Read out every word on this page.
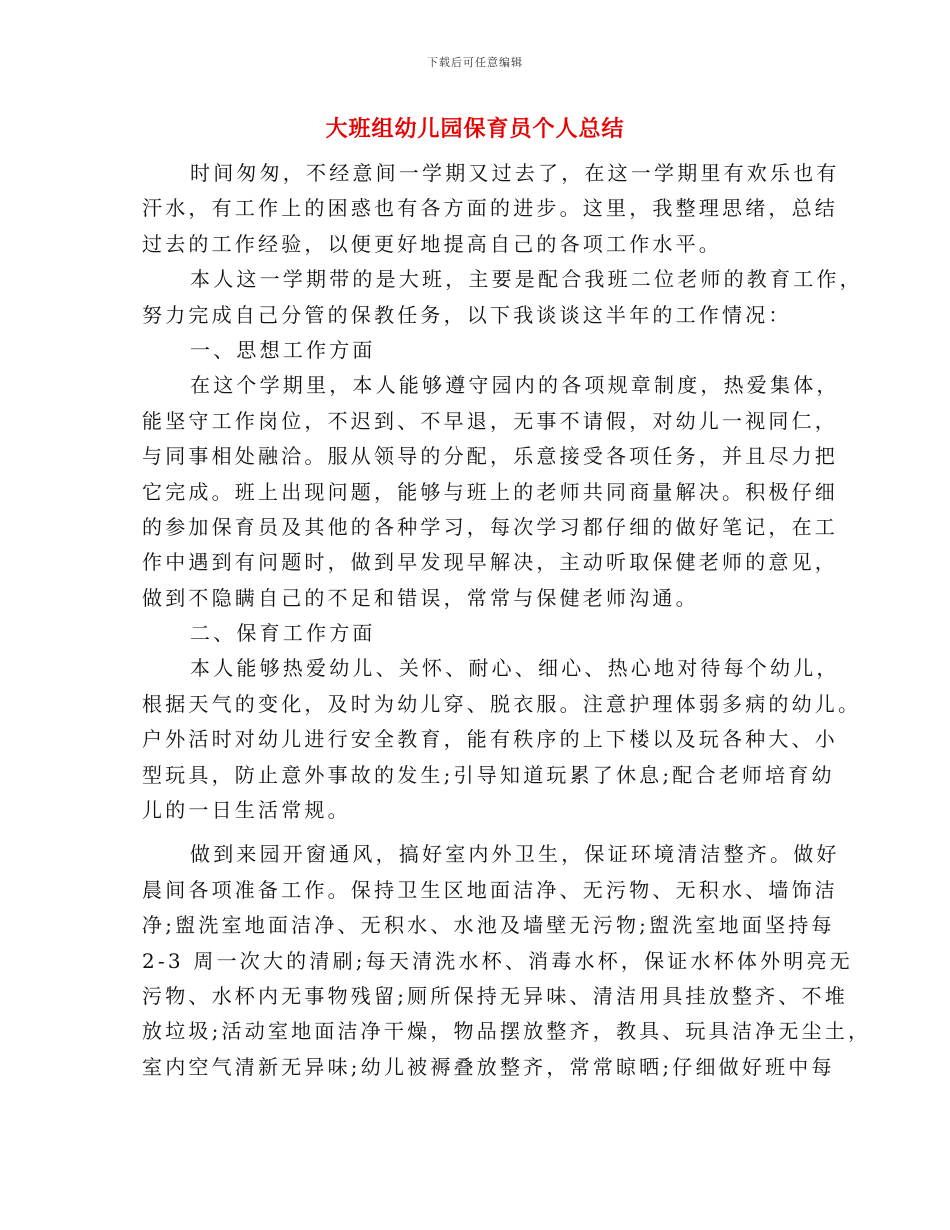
下载后可任意编辑
大班组幼儿园保育员个人总结
时间匆匆，不经意间一学期又过去了，在这一学期里有欢乐也有
汗水，有工作上的困惑也有各方面的进步。这里，我整理思绪，总结
过去的工作经验，以便更好地提高自己的各项工作水平。
本人这一学期带的是大班，主要是配合我班二位老师的教育工作，
努力完成自己分管的保教任务，以下我谈谈这半年的工作情况：
一、思想工作方面
在这个学期里，本人能够遵守园内的各项规章制度，热爱集体，
能坚守工作岗位，不迟到、不早退，无事不请假，对幼儿一视同仁，
与同事相处融洽。服从领导的分配，乐意接受各项任务，并且尽力把
它完成。班上出现问题，能够与班上的老师共同商量解决。积极仔细
的参加保育员及其他的各种学习，每次学习都仔细的做好笔记，在工
作中遇到有问题时，做到早发现早解决，主动听取保健老师的意见，
做到不隐瞒自己的不足和错误，常常与保健老师沟通。
二、保育工作方面
本人能够热爱幼儿、关怀、耐心、细心、热心地对待每个幼儿，
根据天气的变化，及时为幼儿穿、脱衣服。注意护理体弱多病的幼儿。
户外活时对幼儿进行安全教育，能有秩序的上下楼以及玩各种大、小
型玩具，防止意外事故的发生;引导知道玩累了休息;配合老师培育幼
儿的一日生活常规。
做到来园开窗通风，搞好室内外卫生，保证环境清洁整齐。做好
晨间各项准备工作。保持卫生区地面洁净、无污物、无积水、墙饰洁
净;盥洗室地面洁净、无积水、水池及墙壁无污物;盥洗室地面坚持每
2-3 周一次大的清刷;每天清洗水杯、消毒水杯，保证水杯体外明亮无
污物、水杯内无事物残留;厕所保持无异味、清洁用具挂放整齐、不堆
放垃圾;活动室地面洁净干燥，物品摆放整齐，教具、玩具洁净无尘土，
室内空气清新无异味;幼儿被褥叠放整齐，常常晾晒;仔细做好班中每
